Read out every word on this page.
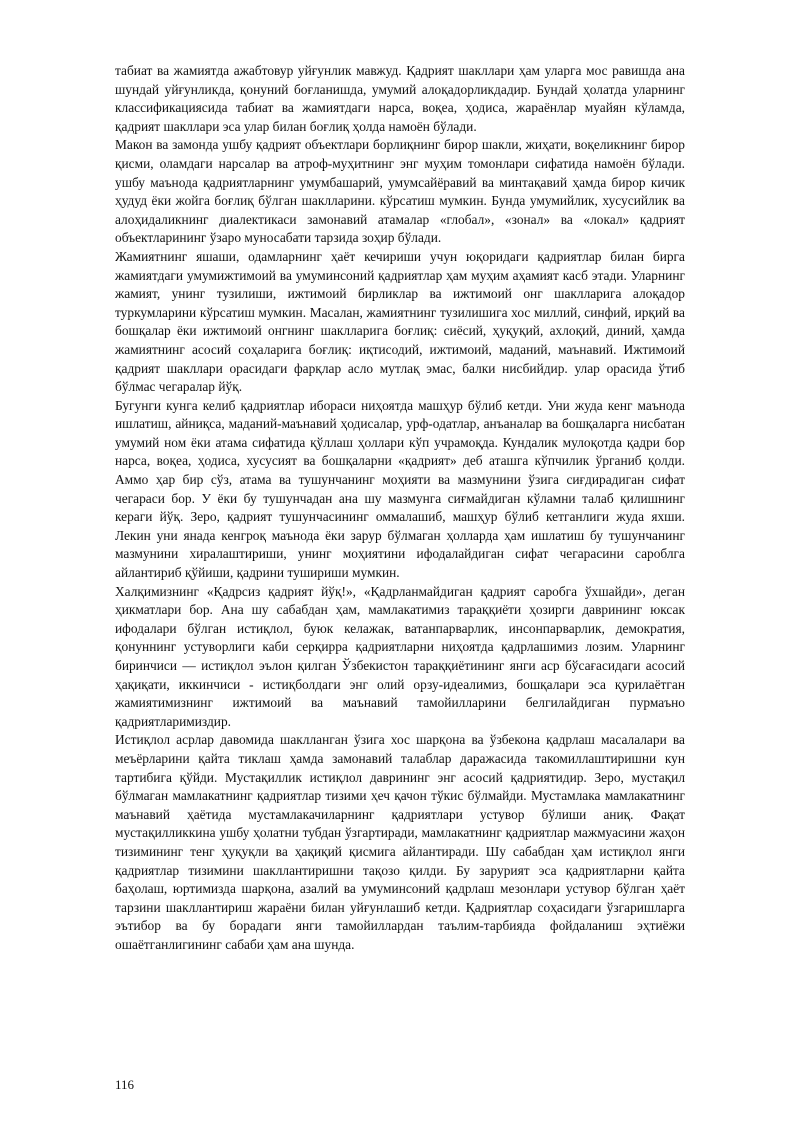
табиат ва жамиятда ажабтовур уйғунлик мавжуд. Қадрият шакллари ҳам уларга мос равишда ана шундай уйғунликда, қонуний боғланишда, умумий алоқадорликдадир. Бундай ҳолатда уларнинг классификациясида табиат ва жамиятдаги нарса, воқеа, ҳодиса, жараёнлар муайян кўламда, қадрият шакллари эса улар билан боғлиқ ҳолда намоён бўлади.

Макон ва замонда ушбу қадрият объектлари борлиқнинг бирор шакли, жиҳати, воқеликнинг бирор қисми, оламдаги нарсалар ва атроф-муҳитнинг энг муҳим томонлари сифатида намоён бўлади. ушбу маънода қадриятларнинг умумбашарий, умумсайёравий ва минтақавий ҳамда бирор кичик ҳудуд ёки жойга боғлиқ бўлган шаклларини. кўрсатиш мумкин. Бунда умумийлик, хусусийлик ва алоҳидаликнинг диалектикаси замонавий атамалар «глобал», «зонал» ва «локал» қадрият объектларининг ўзаро муносабати тарзида зоҳир бўлади.

Жамиятнинг яшаши, одамларнинг ҳаёт кечириши учун юқоридаги қадриятлар билан бирга жамиятдаги умумижтимоий ва умуминсоний қадриятлар ҳам муҳим аҳамият касб этади. Уларнинг жамият, унинг тузилиши, ижтимоий бирликлар ва ижтимоий онг шаклларига алоқадор туркумларини кўрсатиш мумкин. Масалан, жамиятнинг тузилишига хос миллий, синфий, ирқий ва бошқалар ёки ижтимоий онгнинг шаклларига боғлиқ: сиёсий, ҳуқуқий, ахлоқий, диний, ҳамда жамиятнинг асосий соҳаларига боғлиқ: иқтисодий, ижтимоий, маданий, маънавий. Ижтимоий қадрият шакллари орасидаги фарқлар асло мутлақ эмас, балки нисбийдир. улар орасида ўтиб бўлмас чегаралар йўқ.

Бугунги кунга келиб қадриятлар ибораси ниҳоятда машҳур бўлиб кетди. Уни жуда кенг маънода ишлатиш, айниқса, маданий-маънавий ҳодисалар, урф-одатлар, анъаналар ва бошқаларга нисбатан умумий ном ёки атама сифатида қўллаш ҳоллари кўп учрамоқда. Кундалик мулоқотда қадри бор нарса, воқеа, ҳодиса, хусусият ва бошқаларни «қадрият» деб аташга кўпчилик ўрганиб қолди. Аммо ҳар бир сўз, атама ва тушунчанинг моҳияти ва мазмунини ўзига сиғдирадиган сифат чегараси бор. У ёки бу тушунчадан ана шу мазмунга сиғмайдиган кўламни талаб қилишнинг кераги йўқ. Зеро, қадрият тушунчасининг оммалашиб, машҳур бўлиб кетганлиги жуда яхши. Лекин уни янада кенгроқ маънода ёки зарур бўлмаган ҳолларда ҳам ишлатиш бу тушунчанинг мазмунини хиралаштириши, унинг моҳиятини ифодалайдиган сифат чегарасини сароблга айлантириб қўйиши, қадрини тушириши мумкин.

Халқимизнинг «Қадрсиз қадрият йўқ!», «Қадрланмайдиган қадрият саробга ўхшайди», деган ҳикматлари бор. Ана шу сабабдан ҳам, мамлакатимиз тараққиёти ҳозирги даврининг юксак ифодалари бўлган истиқлол, буюк келажак, ватанпарварлик, инсонпарварлик, демократия, қонуннинг устуворлиги каби серқирра қадриятларни ниҳоятда қадрлашимиз лозим. Уларнинг биринчиси — истиқлол эълон қилган Ўзбекистон тараққиётининг янги аср бўсағасидаги асосий ҳақиқати, иккинчиси - истиқболдаги энг олий орзу-идеалимиз, бошқалари эса қурилаётган жамиятимизнинг ижтимоий ва маънавий тамойилларини белгилайдиган пурмаъно қадриятларимиздир.

Истиқлол асрлар давомида шаклланган ўзига хос шарқона ва ўзбекона қадрлаш масалалари ва меъёрларини қайта тиклаш ҳамда замонавий талаблар даражасида такомиллаштиришни кун тартибига қўйди. Мустақиллик истиқлол даврининг энг асосий қадриятидир. Зеро, мустақил бўлмаган мамлакатнинг қадриятлар тизими ҳеч қачон тўкис бўлмайди. Мустамлака мамлакатнинг маънавий ҳаётида мустамлакачиларнинг қадриятлари устувор бўлиши аниқ. Фақат мустақилликкина ушбу ҳолатни тубдан ўзгартиради, мамлакатнинг қадриятлар мажмуасини жаҳон тизимининг тенг ҳуқуқли ва ҳақиқий қисмига айлантиради. Шу сабабдан ҳам истиқлол янги қадриятлар тизимини шакллантиришни тақозо қилди. Бу зарурият эса қадриятларни қайта баҳолаш, юртимизда шарқона, азалий ва умуминсоний қадрлаш мезонлари устувор бўлган ҳаёт тарзини шакллантириш жараёни билан уйғунлашиб кетди. Қадриятлар соҳасидаги ўзгаришларга эътибор ва бу борадаги янги тамойиллардан таълим-тарбияда фойдаланиш эҳтиёжи ошаётганлигининг сабаби ҳам ана шунда.

116
